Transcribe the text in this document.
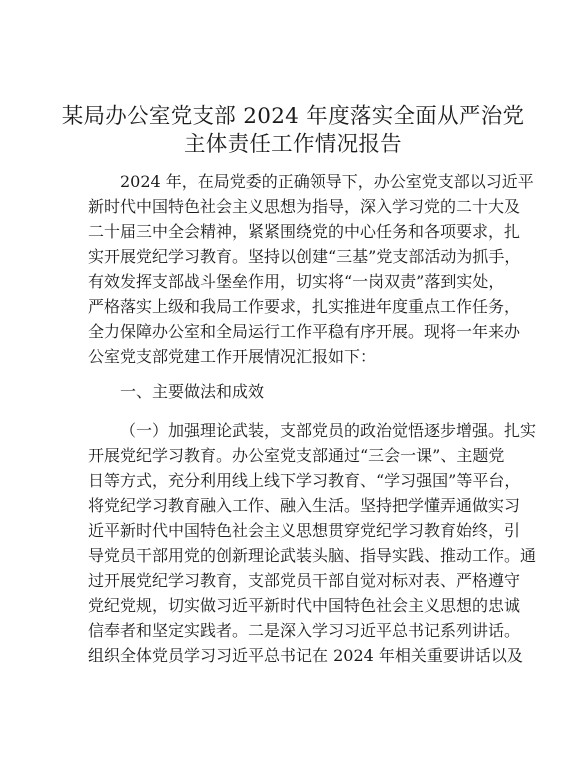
某局办公室党支部 2024 年度落实全面从严治党
主体责任工作情况报告
2024 年，在局党委的正确领导下，办公室党支部以习近平
新时代中国特色社会主义思想为指导，深入学习党的二十大及
二十届三中全会精神，紧紧围绕党的中心任务和各项要求，扎
实开展党纪学习教育。坚持以创建“三基”党支部活动为抓手，
有效发挥支部战斗堡垒作用，切实将“一岗双责”落到实处，
严格落实上级和我局工作要求，扎实推进年度重点工作任务，
全力保障办公室和全局运行工作平稳有序开展。现将一年来办
公室党支部党建工作开展情况汇报如下：
一、主要做法和成效
（一）加强理论武装，支部党员的政治觉悟逐步增强。扎实
开展党纪学习教育。办公室党支部通过“三会一课”、主题党
日等方式，充分利用线上线下学习教育、“学习强国”等平台，
将党纪学习教育融入工作、融入生活。坚持把学懂弄通做实习
近平新时代中国特色社会主义思想贯穿党纪学习教育始终，引
导党员干部用党的创新理论武装头脑、指导实践、推动工作。通
过开展党纪学习教育，支部党员干部自觉对标对表、严格遵守
党纪党规，切实做习近平新时代中国特色社会主义思想的忠诚
信奉者和坚定实践者。二是深入学习习近平总书记系列讲话。
组织全体党员学习习近平总书记在 2024 年相关重要讲话以及
